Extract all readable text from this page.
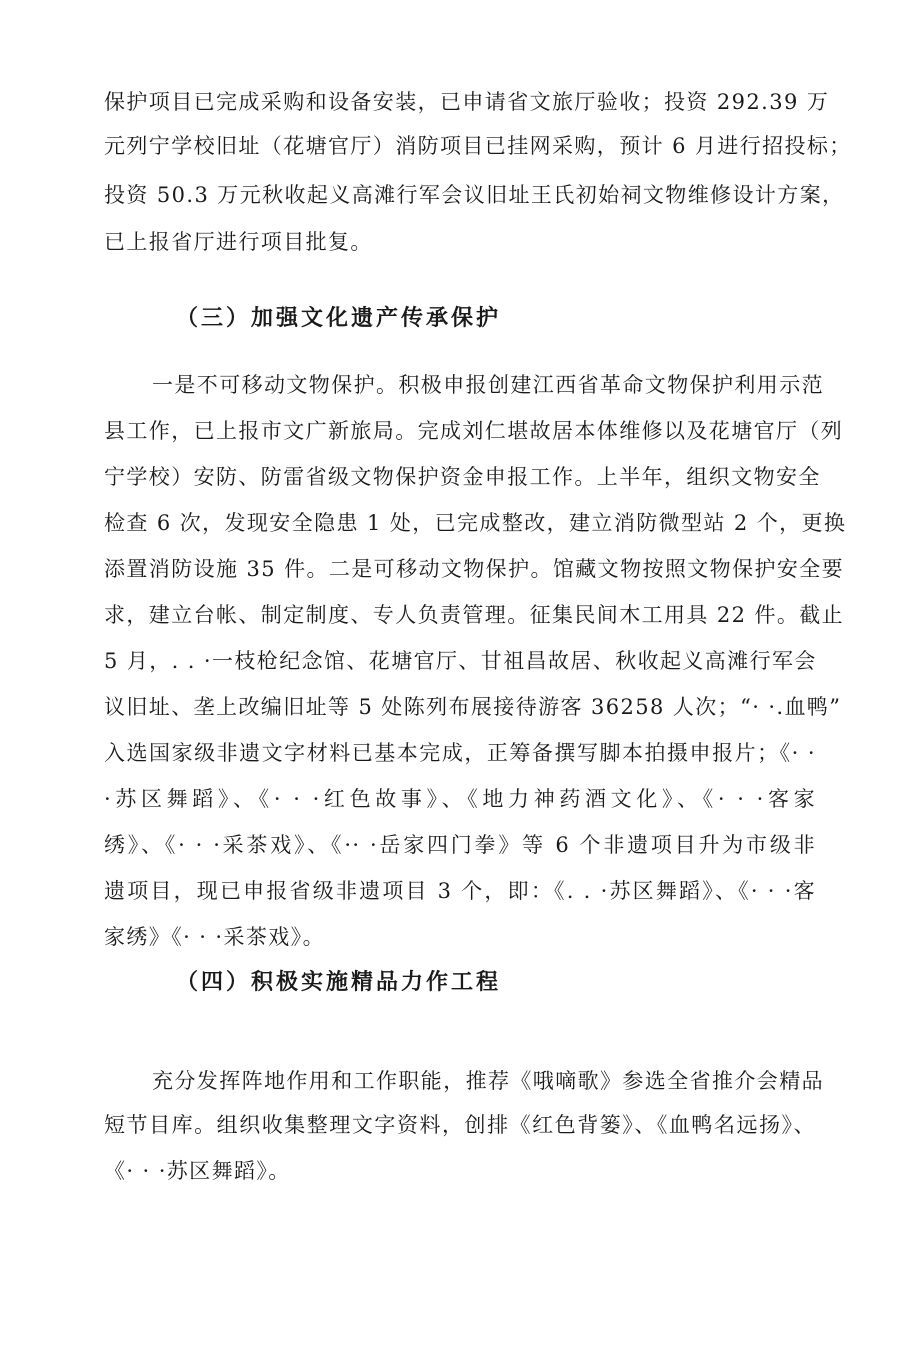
保护项目已完成采购和设备安装，已申请省文旅厅验收；投资 292.39 万
元列宁学校旧址（花塘官厅）消防项目已挂网采购，预计 6 月进行招投标；
投资 50.3 万元秋收起义高滩行军会议旧址王氏初始祠文物维修设计方案，
已上报省厅进行项目批复。
（三）加强文化遗产传承保护
一是不可移动文物保护。积极申报创建江西省革命文物保护利用示范
县工作，已上报市文广新旅局。完成刘仁堪故居本体维修以及花塘官厅（列
宁学校）安防、防雷省级文物保护资金申报工作。上半年，组织文物安全
检查 6 次，发现安全隐患 1 处，已完成整改，建立消防微型站 2 个，更换
添置消防设施 35 件。二是可移动文物保护。馆藏文物按照文物保护安全要
求，建立台帐、制定制度、专人负责管理。征集民间木工用具 22 件。截止
5 月，. . ·一枝枪纪念馆、花塘官厅、甘祖昌故居、秋收起义高滩行军会
议旧址、垄上改编旧址等 5 处陈列布展接待游客 36258 人次；“· ·.血鸭”
入选国家级非遗文字材料已基本完成，正筹备撰写脚本拍摄申报片；《· ·
·苏区舞蹈》、《· · ·红色故事》、《地力神药酒文化》、《· · ·客家
绣》、《· · ·采茶戏》、《·· ·岳家四门拳》等 6 个非遗项目升为市级非
遗项目，现已申报省级非遗项目 3 个，即：《. . ·苏区舞蹈》、《· · ·客
家绣》《· · ·采茶戏》。
（四）积极实施精品力作工程
充分发挥阵地作用和工作职能，推荐《哦嘀歌》参选全省推介会精品
短节目库。组织收集整理文字资料，创排《红色背篓》、《血鸭名远扬》、
《· · ·苏区舞蹈》。
